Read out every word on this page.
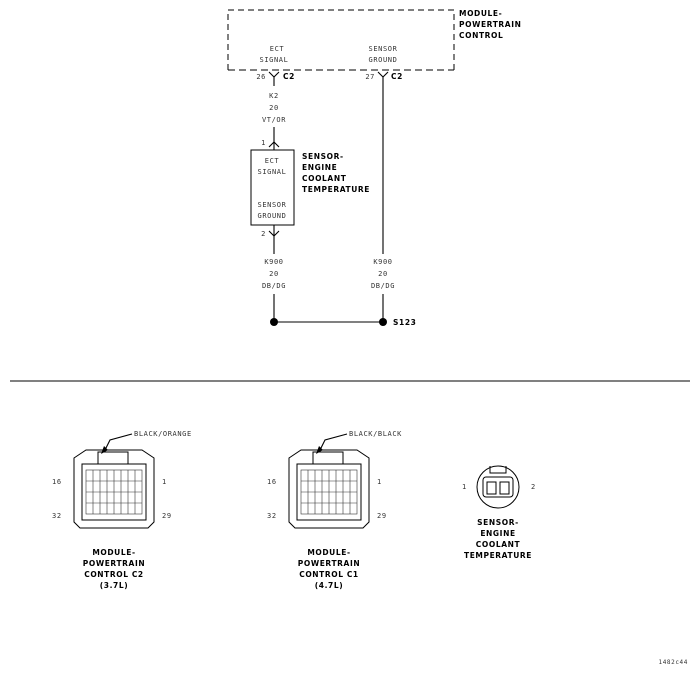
MODULE-
POWERTRAIN
CONTROL
ECT
SIGNAL
SENSOR
GROUND
26 C2	27 C2
K2
20
VT/OR
1
ECT
SIGNAL
SENSOR
GROUND
SENSOR-
ENGINE
COOLANT
TEMPERATURE
2
K900
20
DB/DG
K900
20
DB/DG
S123
BLACK/ORANGE
16	1
32	29
MODULE-
POWERTRAIN
CONTROL C2
(3.7L)
BLACK/BLACK
16	1
32	29
MODULE-
POWERTRAIN
CONTROL C1
(4.7L)
1	2
SENSOR-
ENGINE
COOLANT
TEMPERATURE
1482c44
